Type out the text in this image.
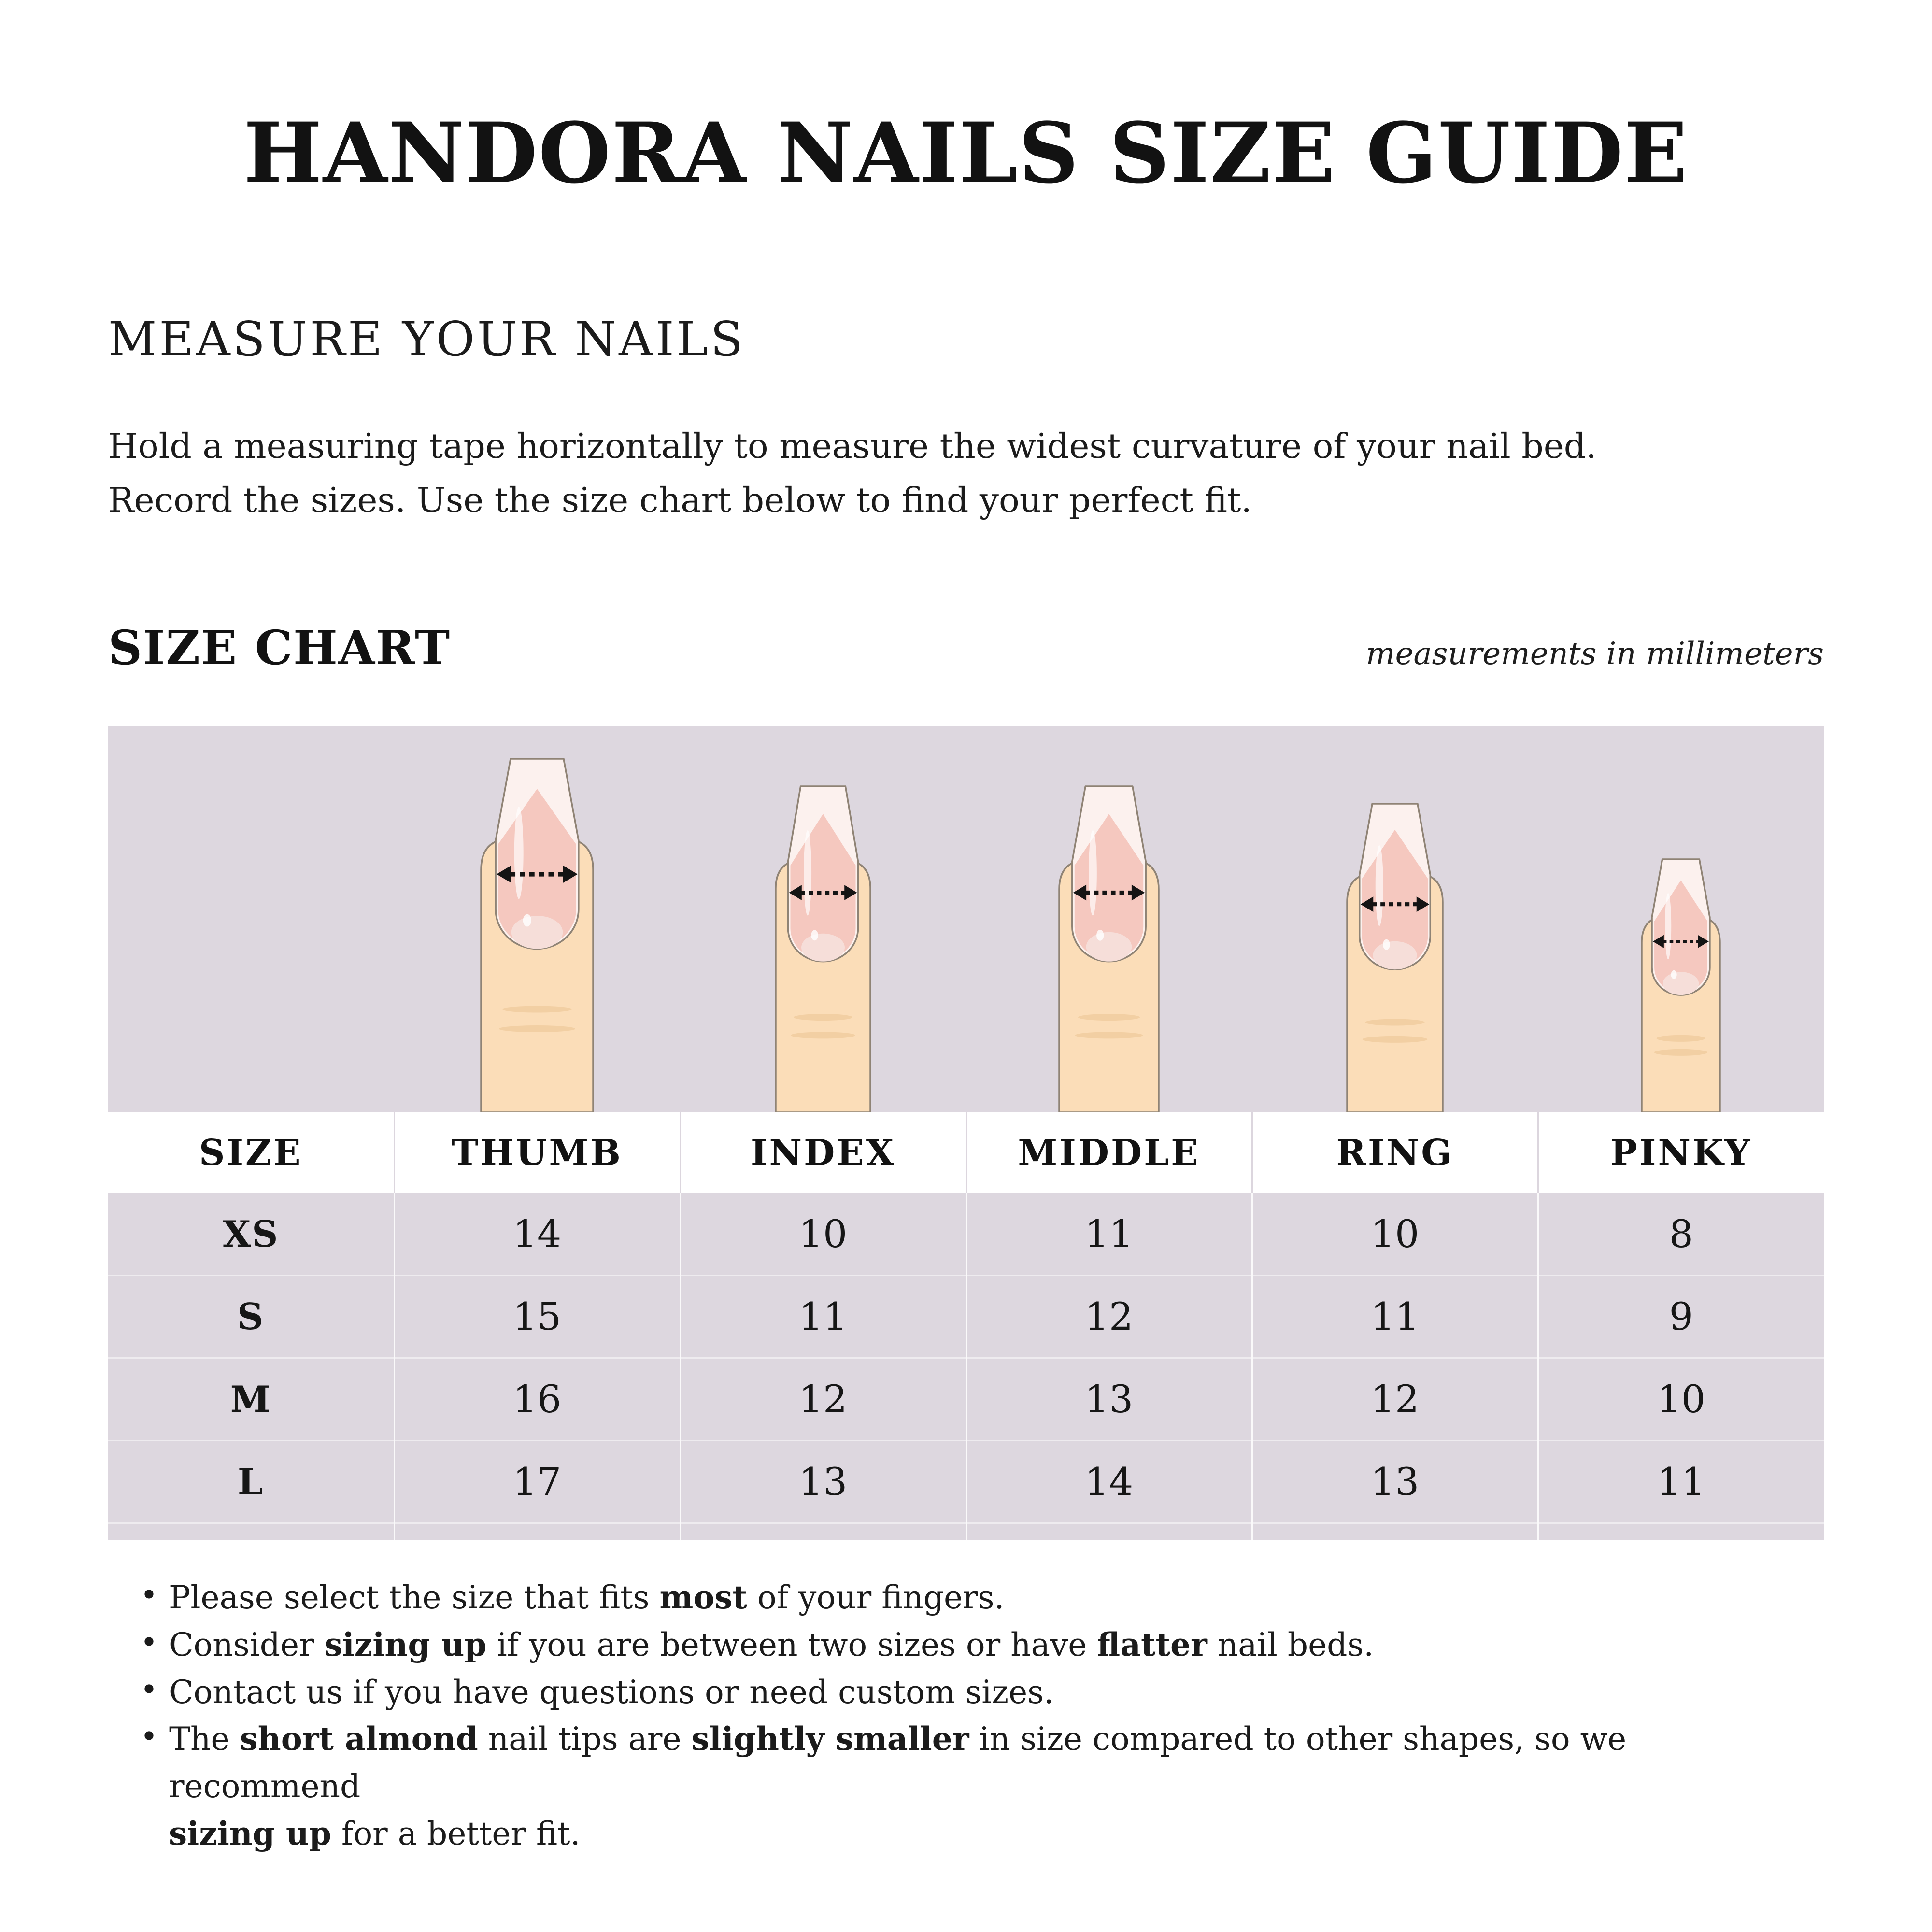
HANDORA NAILS SIZE GUIDE
MEASURE YOUR NAILS
Hold a measuring tape horizontally to measure the widest curvature of your nail bed.
Record the sizes. Use the size chart below to find your perfect fit.
SIZE CHART	measurements in millimeters
SIZE	THUMB	INDEX	MIDDLE	RING	PINKY
XS	14	10	11	10	8
S	15	11	12	11	9
M	16	12	13	12	10
L	17	13	14	13	11

• Please select the size that fits most of your fingers.
• Consider sizing up if you are between two sizes or have flatter nail beds.
• Contact us if you have questions or need custom sizes.
• The short almond nail tips are slightly smaller in size compared to other shapes, so we recommend
sizing up for a better fit.
